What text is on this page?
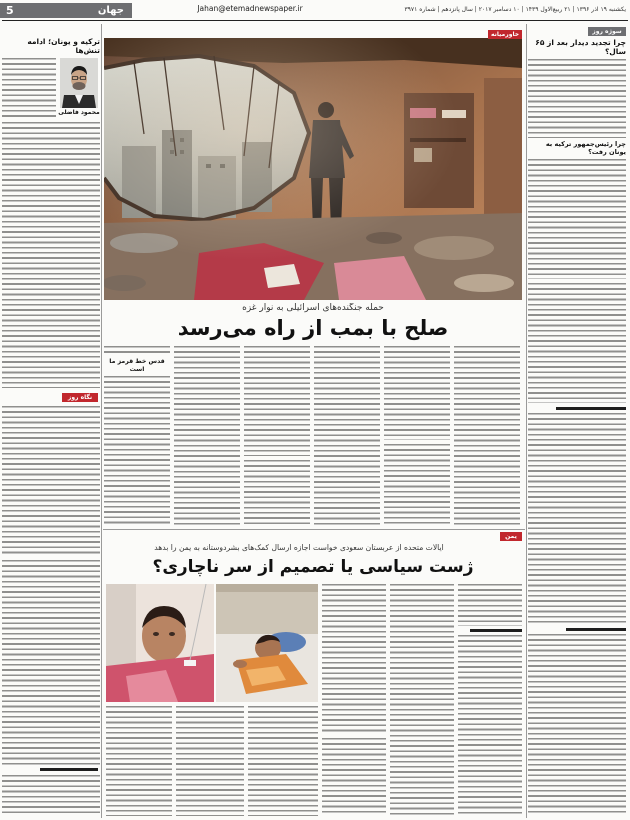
5	جهان	Jahan@etemadnewspaper.ir	یکشنبه ۱۹ آذر ۱۳۹۶ | ۲۱ ربیع‌الاول ۱۴۳۹ | ۱۰ دسامبر ۲۰۱۷ | سال پانزدهم | شماره ۳۹۷۱
سوژه روز
چرا تجدید دیدار بعد از ۶۵ سال؟
چرا رئیس‌جمهور ترکیه به یونان رفت؟
ترکیه و یونان؛ ادامه تنش‌ها
محمود فاضلی
نگاه روز
خاورمیانه
حمله جنگنده‌های اسرائیلی به نوار غزه
صلح با بمب از راه می‌رسد
قدس خط قرمز ما است
یمن
ایالات متحده از عربستان سعودی خواست اجازه ارسال کمک‌های بشردوستانه به یمن را بدهد
ژست سیاسی یا تصمیم از سر ناچاری؟
